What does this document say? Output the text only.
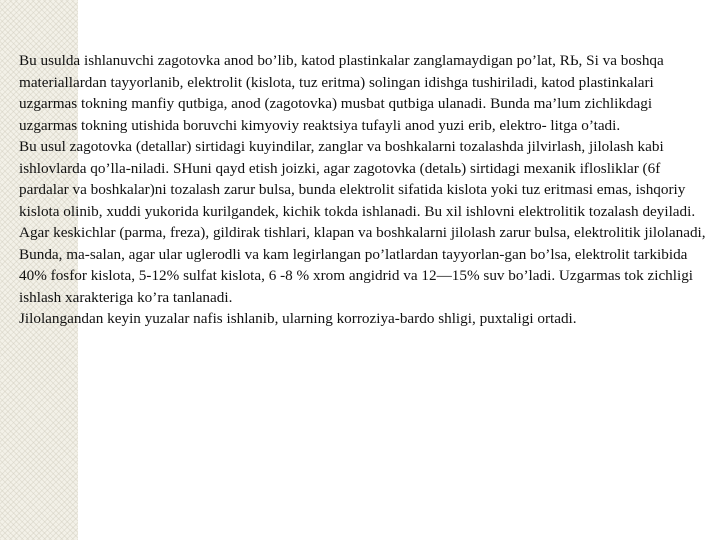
Bu usulda ishlanuvchi zagotovka anod bo’lib, katod plastinkalar zanglamaydigan po’lat, RЬ, Si va boshqa materiallardan tayyorlanib, elektrolit (kislota, tuz eritma) solingan idishga tushiriladi, katod plastinkalari uzgarmas tokning manfiy qutbiga, anod (zagotovka) musbat qutbiga ulanadi. Bunda ma’lum zichlikdagi uzgarmas tokning utishida boruvchi kimyoviy reaktsiya tufayli anod yuzi erib, elektro- litga o’tadi.

Bu usul zagotovka (detallar) sirtidagi kuyindilar, zanglar va boshkalarni tozalashda jilvirlash, jilolash kabi ishlovlarda qo’lla-niladi. SHuni qayd etish joizki, agar zagotovka (detalь) sirtidagi mexanik iflosliklar (6f pardalar va boshkalar)ni tozalash zarur bulsa, bunda elektrolit sifatida kislota yoki tuz eritmasi emas, ishqoriy kislota olinib, xuddi yukorida kurilgandek, kichik tokda ishlanadi. Bu xil ishlovni elektrolitik tozalash deyiladi.

Agar keskichlar (parma, freza), gildirak tishlari, klapan va boshkalarni jilolash zarur bulsa, elektrolitik jilolanadi, Bunda, ma-salan, agar ular uglerodli va kam legirlangan po’latlardan tayyorlan-gan bo’lsa, elektrolit tarkibida 40% fosfor kislota, 5-12% sulfat kislota, 6 -8 % xrom angidrid va 12—15% suv bo’ladi. Uzgarmas tok zichligi ishlash xarakteriga ko’ra tanlanadi.

Jilolangandan keyin yuzalar nafis ishlanib, ularning korroziya-bardo shligi, puxtaligi ortadi.
